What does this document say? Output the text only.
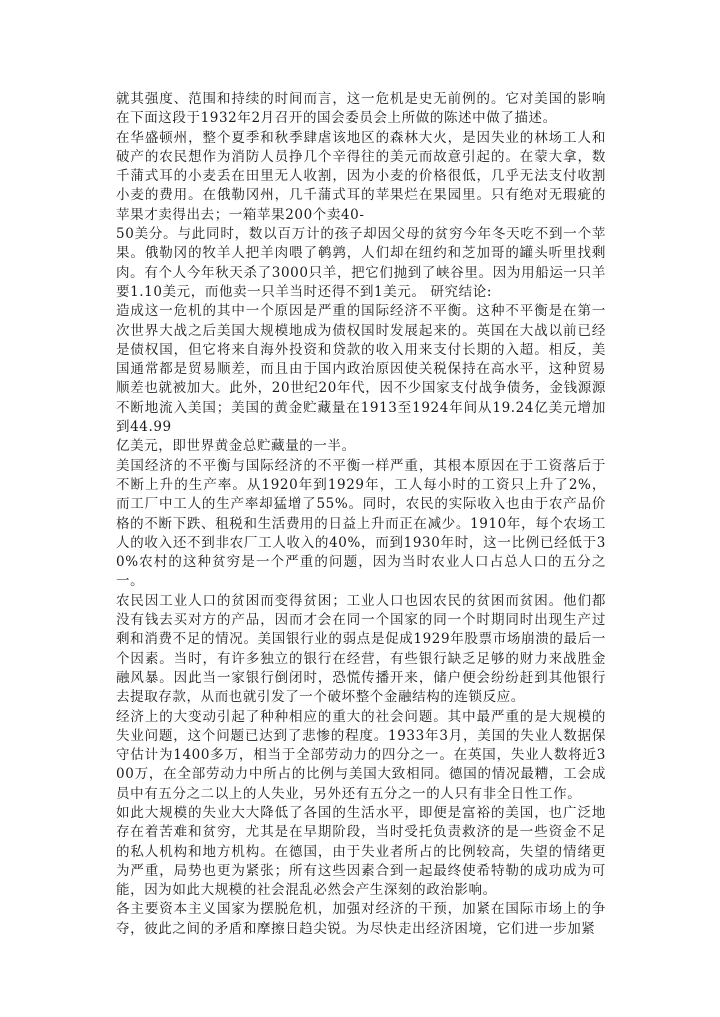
就其强度、范围和持续的时间而言，这一危机是史无前例的。它对美国的影响在下面这段于1932年2月召开的国会委员会上所做的陈述中做了描述。

在华盛顿州，整个夏季和秋季肆虐该地区的森林大火，是因失业的林场工人和破产的农民想作为消防人员挣几个辛得往的美元而故意引起的。在蒙大拿，数千蒲式耳的小麦丢在田里无人收割，因为小麦的价格很低，几乎无法支付收割小麦的费用。在俄勒冈州，几千蒲式耳的苹果烂在果园里。只有绝对无瑕疵的苹果才卖得出去；一箱苹果200个卖40-

50美分。与此同时，数以百万计的孩子却因父母的贫穷今年冬天吃不到一个苹果。俄勒冈的牧羊人把羊肉喂了鹌鹑，人们却在纽约和芝加哥的罐头听里找剩肉。有个人今年秋天杀了3000只羊，把它们抛到了峡谷里。因为用船运一只羊要1.10美元，而他卖一只羊当时还得不到1美元。 研究结论:

造成这一危机的其中一个原因是严重的国际经济不平衡。这种不平衡是在第一次世界大战之后美国大规模地成为债权国时发展起来的。英国在大战以前已经是债权国，但它将来自海外投资和贷款的收入用来支付长期的入超。相反，美国通常都是贸易顺差，而且由于国内政治原因使关税保持在高水平，这种贸易顺差也就被加大。此外，20世纪20年代，因不少国家支付战争债务，金钱源源不断地流入美国；美国的黄金贮藏量在1913至1924年间从19.24亿美元增加到44.99

亿美元，即世界黄金总贮藏量的一半。

美国经济的不平衡与国际经济的不平衡一样严重，其根本原因在于工资落后于不断上升的生产率。从1920年到1929年，工人每小时的工资只上升了2%，而工厂中工人的生产率却猛增了55%。同时，农民的实际收入也由于农产品价格的不断下跌、租税和生活费用的日益上升而正在减少。1910年，每个农场工人的收入还不到非农厂工人收入的40%，而到1930年时，这一比例已经低于30%农村的这种贫穷是一个严重的问题，因为当时农业人口占总人口的五分之一。

农民因工业人口的贫困而变得贫困；工业人口也因农民的贫困而贫困。他们都没有钱去买对方的产品，因而才会在同一个国家的同一个时期同时出现生产过剩和消费不足的情况。美国银行业的弱点是促成1929年股票市场崩溃的最后一个因素。当时，有许多独立的银行在经营，有些银行缺乏足够的财力来战胜金融风暴。因此当一家银行倒闭时，恐慌传播开来，储户便会纷纷赶到其他银行去提取存款，从而也就引发了一个破坏整个金融结构的连锁反应。

经济上的大变动引起了种种相应的重大的社会问题。其中最严重的是大规模的失业问题，这个问题已达到了悲惨的程度。1933年3月，美国的失业人数据保守估计为1400多万，相当于全部劳动力的四分之一。在英国，失业人数将近300万，在全部劳动力中所占的比例与美国大致相同。德国的情况最糟，工会成员中有五分之二以上的人失业，另外还有五分之一的人只有非全日性工作。

如此大规模的失业大大降低了各国的生活水平，即便是富裕的美国，也广泛地存在着苦难和贫穷，尤其是在早期阶段，当时受托负责救济的是一些资金不足的私人机构和地方机构。在德国，由于失业者所占的比例较高，失望的情绪更为严重，局势也更为紧张；所有这些因素合到一起最终使希特勒的成功成为可能，因为如此大规模的社会混乱必然会产生深刻的政治影响。

各主要资本主义国家为摆脱危机，加强对经济的干预，加紧在国际市场上的争夺，彼此之间的矛盾和摩擦日趋尖锐。为尽快走出经济困境，它们进一步加紧
